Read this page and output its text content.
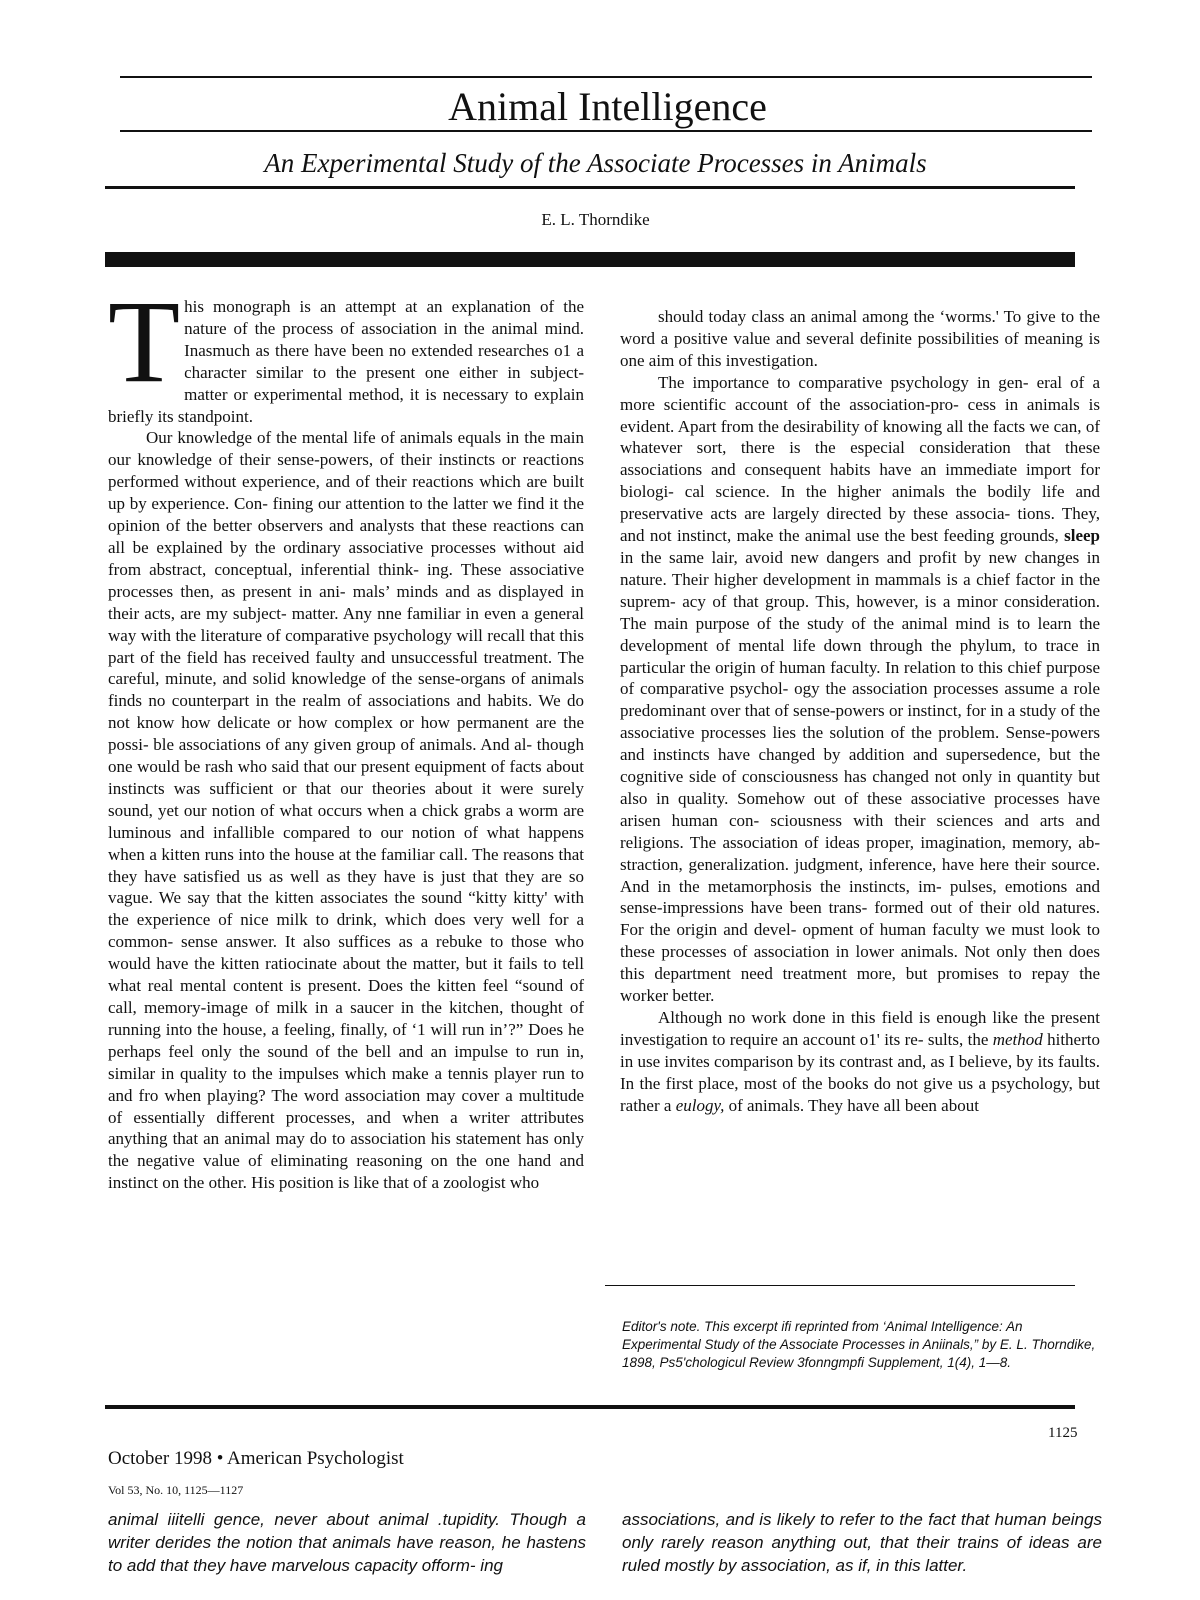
Animal Intelligence
An Experimental Study of the Associate Processes in Animals
E. L. Thorndike

This monograph is an attempt at an explanation of the nature of the process of association in the animal mind. Inasmuch as there have been no extended researches o1 a character similar to the present one either in subject-matter or experimental method, it is necessary to explain briefly its standpoint.

Our knowledge of the mental life of animals equals in the main our knowledge of their sense-powers, of their instincts or reactions performed without experience, and of their reactions which are built up by experience. Con- fining our attention to the latter we find it the opinion of the better observers and analysts that these reactions can all be explained by the ordinary associative processes without aid from abstract, conceptual, inferential think- ing. These associative processes then, as present in ani- mals’ minds and as displayed in their acts, are my subject- matter. Any nne familiar in even a general way with the literature of comparative psychology will recall that this part of the field has received faulty and unsuccessful treatment. The careful, minute, and solid knowledge of the sense-organs of animals finds no counterpart in the realm of associations and habits. We do not know how delicate or how complex or how permanent are the possi- ble associations of any given group of animals. And al- though one would be rash who said that our present equipment of facts about instincts was sufficient or that our theories about it were surely sound, yet our notion of what occurs when a chick grabs a worm are luminous and infallible compared to our notion of what happens when a kitten runs into the house at the familiar call. The reasons that they have satisfied us as well as they have is just that they are so vague. We say that the kitten associates the sound “kitty kitty' with the experience of nice milk to drink, which does very well for a common- sense answer. It also suffices as a rebuke to those who would have the kitten ratiocinate about the matter, but it fails to tell what real mental content is present. Does the kitten feel “sound of call, memory-image of milk in a saucer in the kitchen, thought of running into the house, a feeling, finally, of ‘1 will run in’?” Does he perhaps feel only the sound of the bell and an impulse to run in, similar in quality to the impulses which make a tennis player run to and fro when playing? The word association may cover a multitude of essentially different processes, and when a writer attributes anything that an animal may do to association his statement has only the negative value of eliminating reasoning on the one hand and instinct on the other. His position is like that of a zoologist who

should today class an animal among the ‘worms.' To give to the word a positive value and several definite possibilities of meaning is one aim of this investigation.

The importance to comparative psychology in gen- eral of a more scientific account of the association-pro- cess in animals is evident. Apart from the desirability of knowing all the facts we can, of whatever sort, there is the especial consideration that these associations and consequent habits have an immediate import for biologi- cal science. In the higher animals the bodily life and preservative acts are largely directed by these associa- tions. They, and not instinct, make the animal use the best feeding grounds, sleep in the same lair, avoid new dangers and profit by new changes in nature. Their higher development in mammals is a chief factor in the suprem- acy of that group. This, however, is a minor consideration. The main purpose of the study of the animal mind is to learn the development of mental life down through the phylum, to trace in particular the origin of human faculty. In relation to this chief purpose of comparative psychol- ogy the association processes assume a role predominant over that of sense-powers or instinct, for in a study of the associative processes lies the solution of the problem. Sense-powers and instincts have changed by addition and supersedence, but the cognitive side of consciousness has changed not only in quantity but also in quality. Somehow out of these associative processes have arisen human con- sciousness with their sciences and arts and religions. The association of ideas proper, imagination, memory, ab- straction, generalization. judgment, inference, have here their source. And in the metamorphosis the instincts, im- pulses, emotions and sense-impressions have been trans- formed out of their old natures. For the origin and devel- opment of human faculty we must look to these processes of association in lower animals. Not only then does this department need treatment more, but promises to repay the worker better.

Although no work done in this field is enough like the present investigation to require an account o1' its re- sults, the method hitherto in use invites comparison by its contrast and, as I believe, by its faults. In the first place, most of the books do not give us a psychology, but rather a eulogy, of animals. They have all been about

Editor's note. This excerpt ifi reprinted from ‘Animal Intelligence: An Experimental Study of the Associate Processes in Aniinals,” by E. L. Thorndike, 1898, Ps5'chologicul Review 3fonngmpfi Supplement, 1(4), 1—8.
1125
October 1998 • American Psychologist
Vol 53, No. 10, 1125—1127
animal iiitelli gence, never about animal .tupidity. Though a writer derides the notion that animals have reason, he hastens to add that they have marvelous capacity ofform- ing
associations, and is likely to refer to the fact that human beings only rarely reason anything out, that their trains of ideas are ruled mostly by association, as if, in this latter.
